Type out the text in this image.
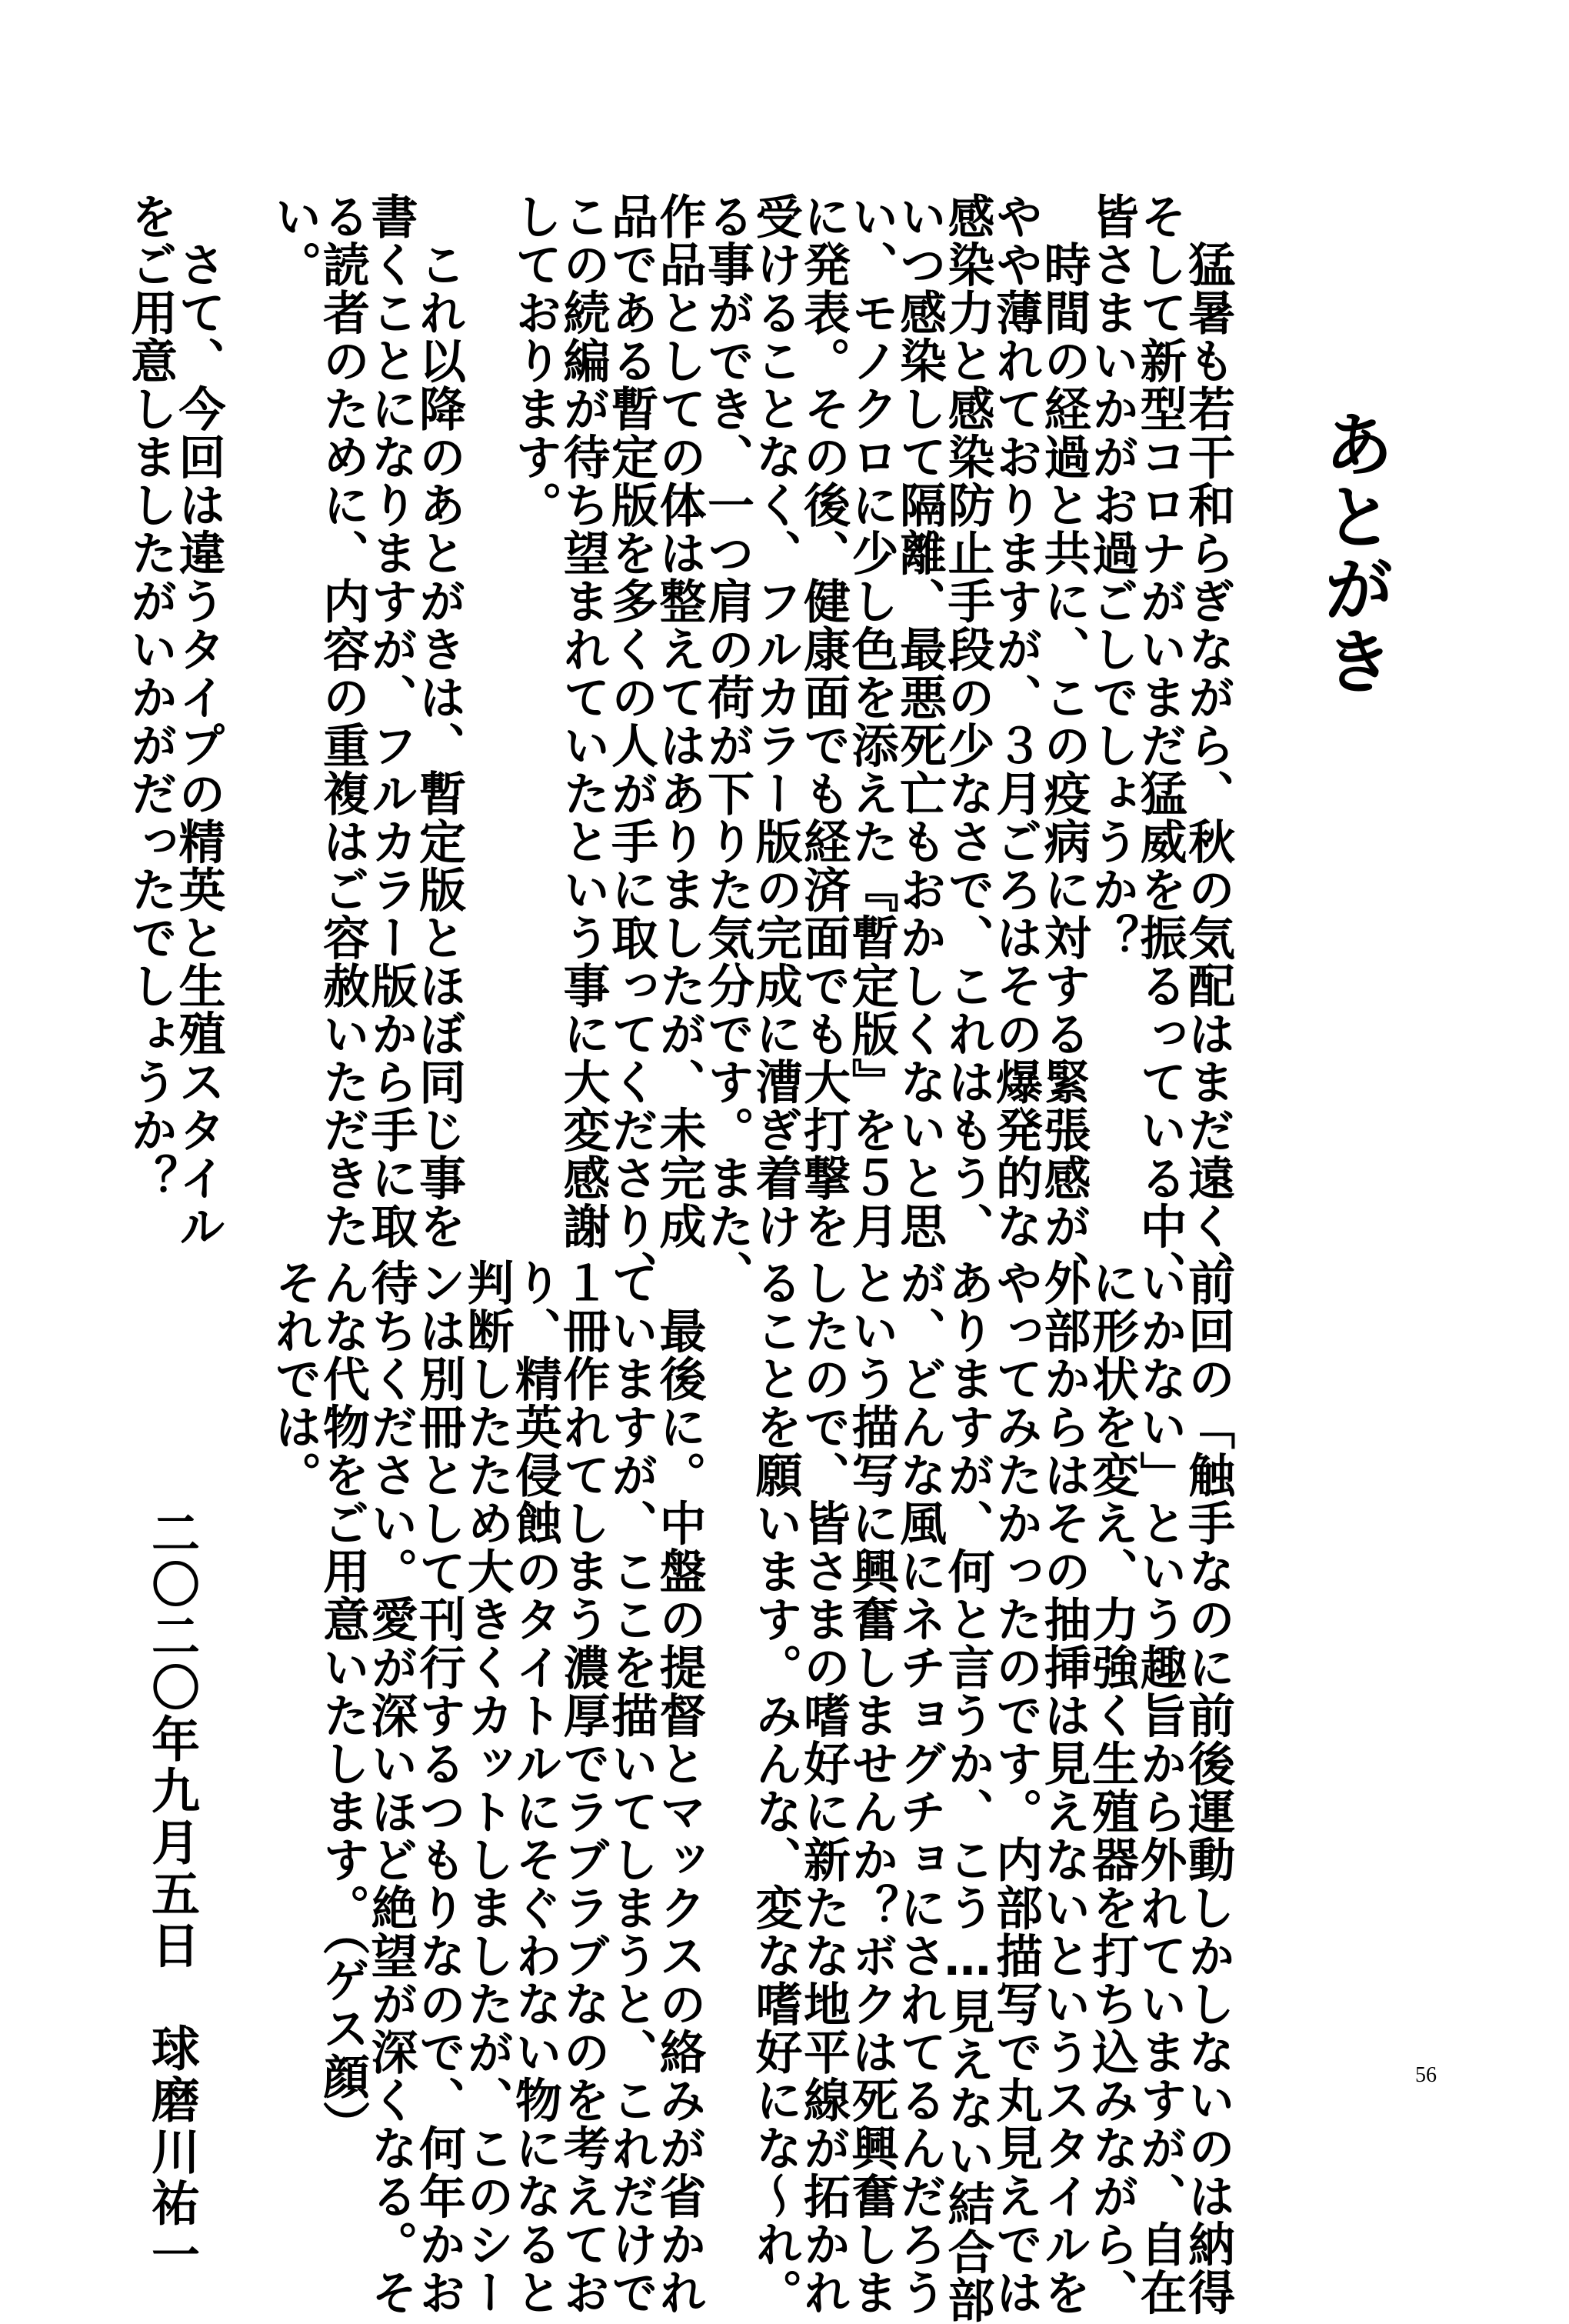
あとがき
　猛暑も若干和らぎながら、秋の気配はまだ遠く、
そして新型コロナがいまだ猛威を振るっている中、
皆さまいかがお過ごしでしょうか？
　時間の経過と共に、この疫病に対する緊張感が、
やや薄れておりますが、３月ごろはその爆発的な
感染力と感染防止手段の少なさで、これはもう、
いつ感染して隔離、最悪死亡もおかしくないと思
い、モノクロに少し色を添えた『暫定版』を５月
に発表。その後、健康面でも経済面でも大打撃を
受けることなく、フルカラー版の完成に漕ぎ着け
る事ができ、一つ肩の荷が下りた気分です。また、
作品としての体は整えてはありましたが、未完成
品である暫定版を多くの人が手に取ってくださり、
この続編が待ち望まれていたという事に大変感謝
しております。
　これ以降のあとがきは、暫定版とほぼ同じ事を
書くことになりますが、フルカラー版から手に取
る読者のために、内容の重複はご容赦いただきた
い。
　さて、今回は違うタイプの精英と生殖スタイル
をご用意しましたがいかがだったでしょうか？
前回の「触手なのに前後運動しかしないのは納得
いかない」という趣旨から外れていますが、自在
に形状を変え、力強く生殖器を打ち込みながら、
外部からはその抽挿は見えないというスタイルを
やってみたかったのです。内部描写で丸見えでは
ありますが、何と言うか、こう…見えない結合部
が、どんな風にネチョグチョにされてるんだろう
という描写に興奮しませんか？ボクは死興奮しま
したので、皆さまの嗜好に新たな地平線が拓かれ
ることを願います。みんな、変な嗜好にな～れ。
　最後に。中盤の提督とマックスの絡みが省かれ
ていますが、ここを描いてしまうと、これだけで
１冊作れてしまう濃厚でラブラブなのを考えてお
り、精英侵蝕のタイトルにそぐわない物になると
判断したため大きくカットしましたが、このシー
ンは別冊として刊行するつもりなので、何年かお
待ちください。愛が深いほど絶望が深くなる。そ
んな代物をご用意いたします。（ゲス顔）
それでは。
二〇二〇年九月五日　球磨川祐一	56
